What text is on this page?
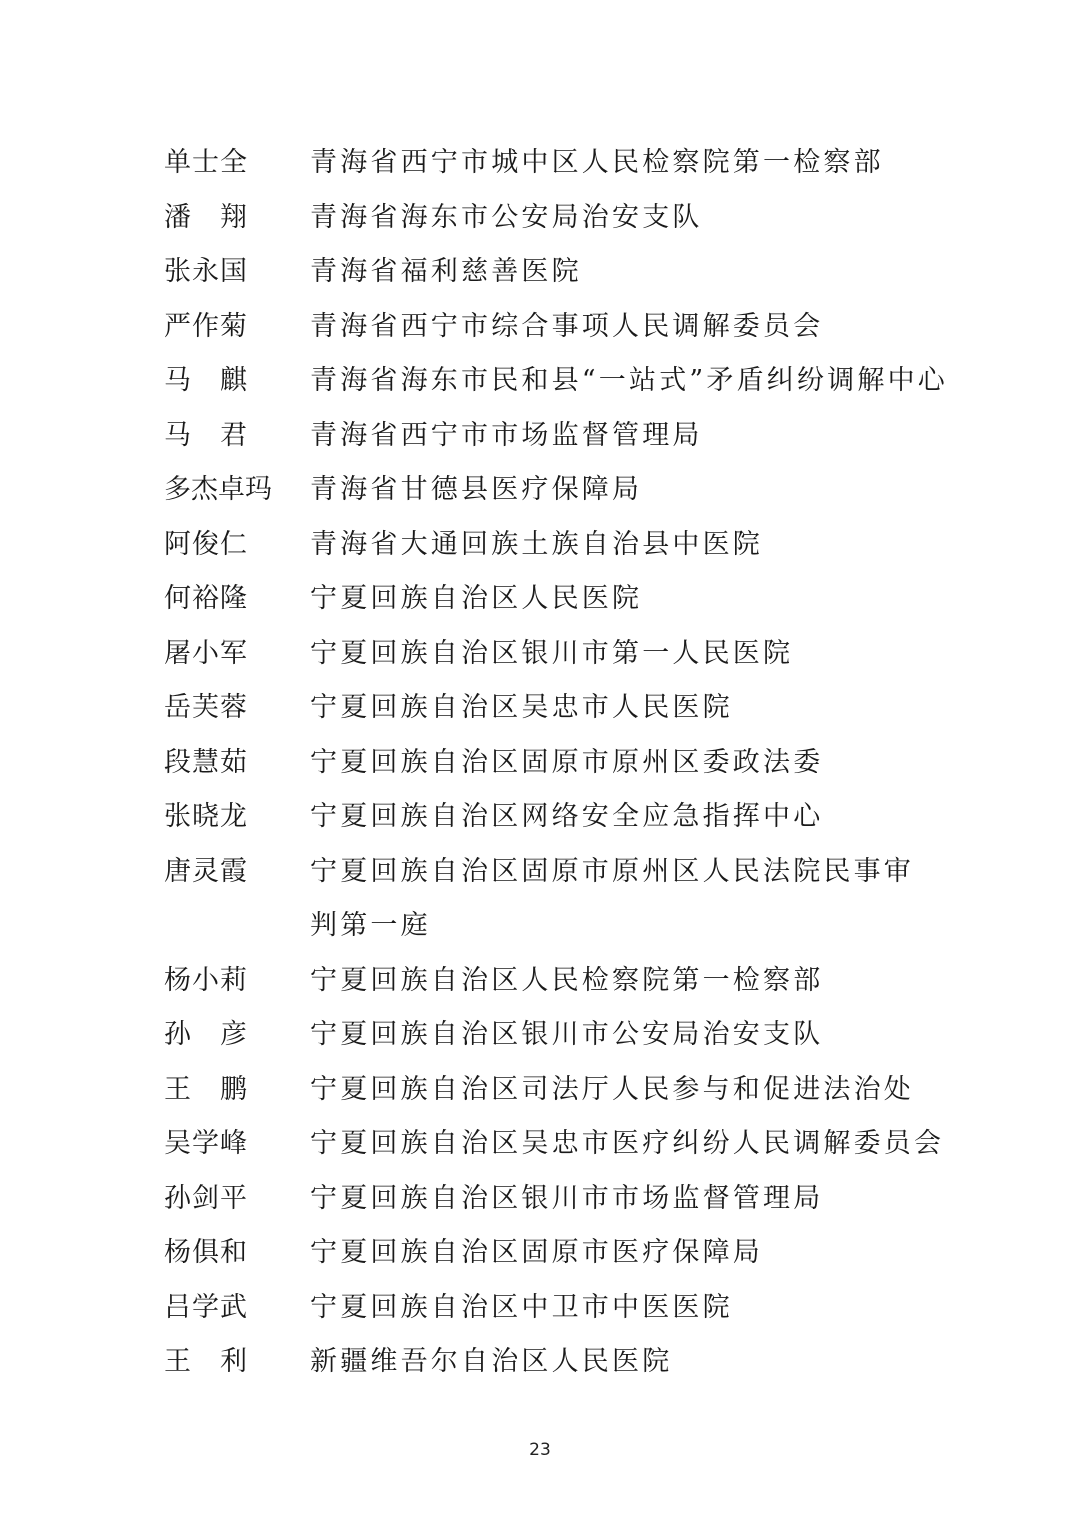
单士全	青海省西宁市城中区人民检察院第一检察部
潘　翔	青海省海东市公安局治安支队
张永国	青海省福利慈善医院
严作菊	青海省西宁市综合事项人民调解委员会
马　麒	青海省海东市民和县“一站式”矛盾纠纷调解中心
马　君	青海省西宁市市场监督管理局
多杰卓玛	青海省甘德县医疗保障局
阿俊仁	青海省大通回族土族自治县中医院
何裕隆	宁夏回族自治区人民医院
屠小军	宁夏回族自治区银川市第一人民医院
岳芙蓉	宁夏回族自治区吴忠市人民医院
段慧茹	宁夏回族自治区固原市原州区委政法委
张晓龙	宁夏回族自治区网络安全应急指挥中心
唐灵霞	宁夏回族自治区固原市原州区人民法院民事审
判第一庭
杨小莉	宁夏回族自治区人民检察院第一检察部
孙　彦	宁夏回族自治区银川市公安局治安支队
王　鹏	宁夏回族自治区司法厅人民参与和促进法治处
吴学峰	宁夏回族自治区吴忠市医疗纠纷人民调解委员会
孙剑平	宁夏回族自治区银川市市场监督管理局
杨俱和	宁夏回族自治区固原市医疗保障局
吕学武	宁夏回族自治区中卫市中医医院
王　利	新疆维吾尔自治区人民医院
23
